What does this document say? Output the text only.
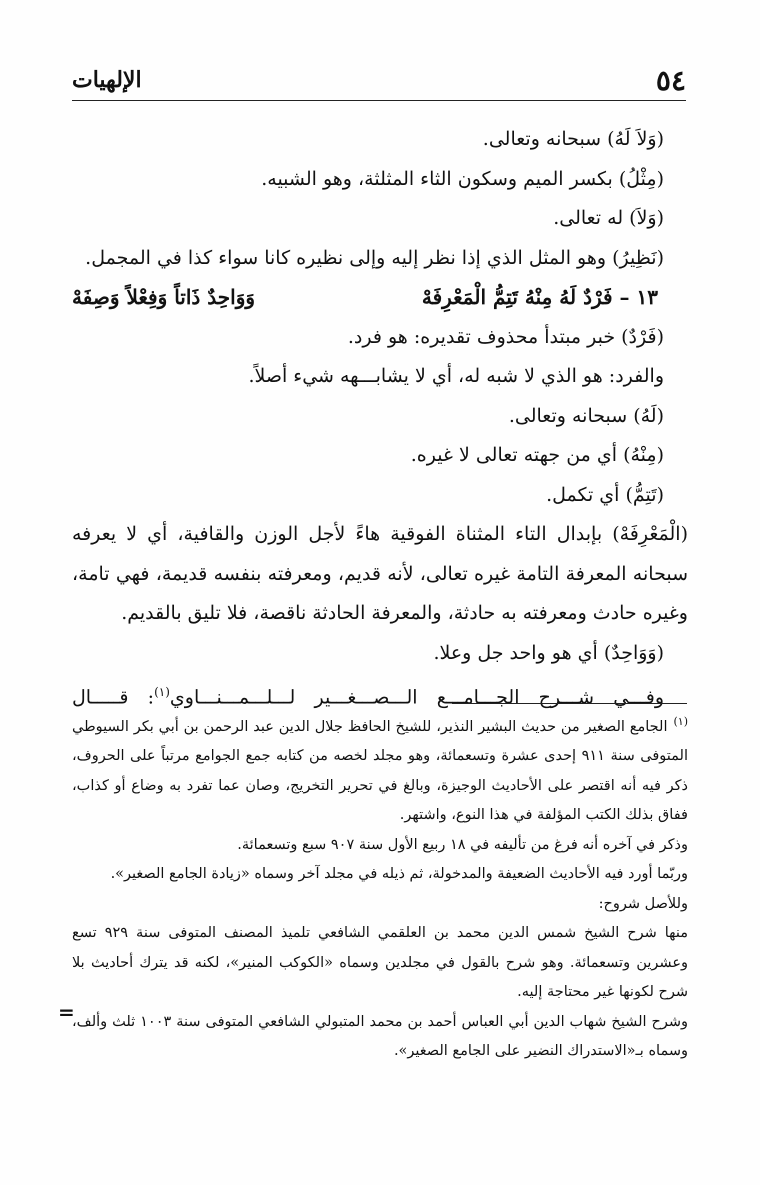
٥٤
الإلهيات

(وَلاَ لَهُ) سبحانه وتعالى.

(مِثْلُ) بكسر الميم وسكون الثاء المثلثة، وهو الشبيه.

(وَلاَ) له تعالى.

(نَظِيرُ) وهو المثل الذي إذا نظر إليه وإلى نظيره كانا سواء كذا في المجمل.

١٣ – فَرْدٌ لَهُ مِنْهُ تَتِمُّ الْمَعْرِفَهْ
وَوَاحِدٌ ذَاتاً وَفِعْلاً وَصِفَهْ

(فَرْدٌ) خبر مبتدأ محذوف تقديره: هو فرد.

والفرد: هو الذي لا شبه له، أي لا يشابـــهه شيء أصلاً.

(لَهُ) سبحانه وتعالى.

(مِنْهُ) أي من جهته تعالى لا غيره.

(تَتِمُّ) أي تكمل.

(الْمَعْرِفَهْ) بإبدال التاء المثناة الفوقية هاءً لأجل الوزن والقافية، أي لا يعرفه سبحانه المعرفة التامة غيره تعالى، لأنه قديم، ومعرفته بنفسه قديمة، فهي تامة، وغيره حادث ومعرفته به حادثة، والمعرفة الحادثة ناقصة، فلا تليق بالقديم.

(وَوَاحِدٌ) أي هو واحد جل وعلا.

وفـــي شـــرح الجـــامـــع الـــصـــغـــير لـــلـــمـــنـــاوي$^{(١)}$: قـــــال

$^{(١)}$الجامع الصغير من حديث البشير النذير، للشيخ الحافظ جلال الدين عبد الرحمن بن أبي بكر السيوطي المتوفى سنة ٩١١ إحدى عشرة وتسعمائة، وهو مجلد لخصه من كتابه جمع الجوامع مرتباً على الحروف، ذكر فيه أنه اقتصر على الأحاديث الوجيزة، وبالغ في تحرير التخريج، وصان عما تفرد به وضاع أو كذاب، ففاق بذلك الكتب المؤلفة في هذا النوع، واشتهر.

وذكر في آخره أنه فرغ من تأليفه في ١٨ ربيع الأول سنة ٩٠٧ سبع وتسعمائة.

وربّما أورد فيه الأحاديث الضعيفة والمدخولة، ثم ذيله في مجلد آخر وسماه «زيادة الجامع الصغير».

وللأصل شروح:

منها شرح الشيخ شمس الدين محمد بن العلقمي الشافعي تلميذ المصنف المتوفى سنة ٩٢٩ تسع وعشرين وتسعمائة. وهو شرح بالقول في مجلدين وسماه «الكوكب المنير»، لكنه قد يترك أحاديث بلا شرح لكونها غير محتاجة إليه.

وشرح الشيخ شهاب الدين أبي العباس أحمد بن محمد المتبولي الشافعي المتوفى سنة ١٠٠٣ ثلث وألف، وسماه بـ«الاستدراك النضير على الجامع الصغير».

=
